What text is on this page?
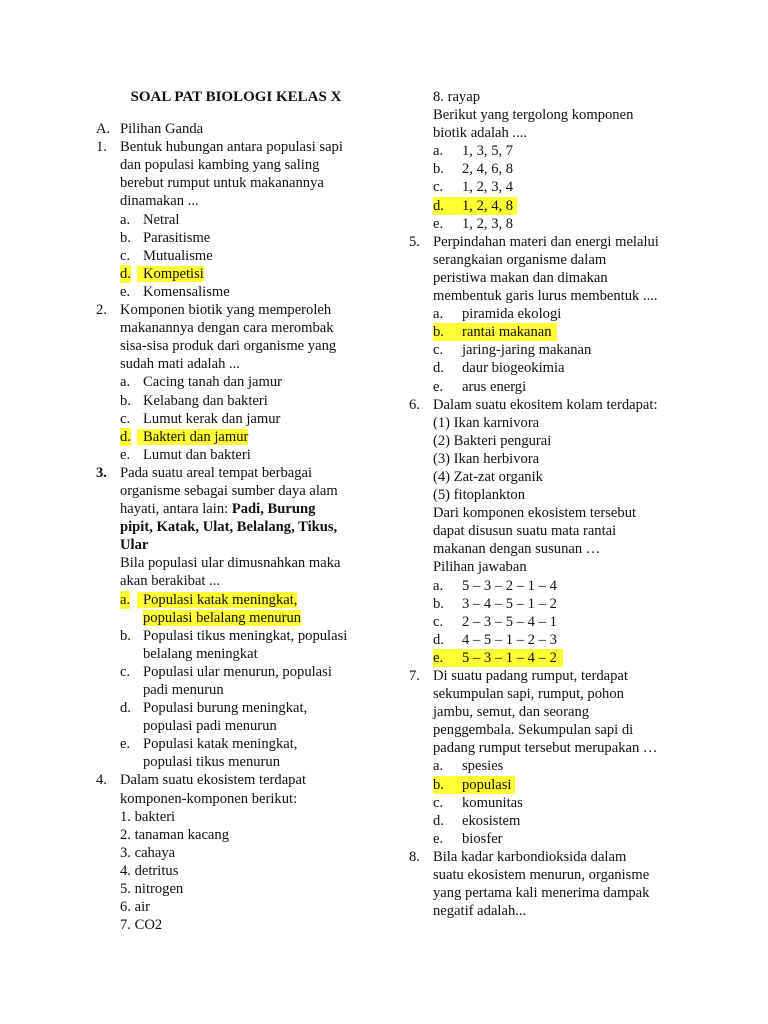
SOAL PAT BIOLOGI KELAS X
A. Pilihan Ganda
1. Bentuk hubungan antara populasi sapi
dan populasi kambing yang saling
berebut rumput untuk makanannya
dinamakan ...
a. Netral
b. Parasitisme
c. Mutualisme
d. Kompetisi
e. Komensalisme
2. Komponen biotik yang memperoleh
makanannya dengan cara merombak
sisa-sisa produk dari organisme yang
sudah mati adalah ...
a. Cacing tanah dan jamur
b. Kelabang dan bakteri
c. Lumut kerak dan jamur
d. Bakteri dan jamur
e. Lumut dan bakteri
3. Pada suatu areal tempat berbagai
organisme sebagai sumber daya alam
hayati, antara lain: Padi, Burung
pipit, Katak, Ulat, Belalang, Tikus,
Ular
Bila populasi ular dimusnahkan maka
akan berakibat ...
a. Populasi katak meningkat,
populasi belalang menurun
b. Populasi tikus meningkat, populasi
belalang meningkat
c. Populasi ular menurun, populasi
padi menurun
d. Populasi burung meningkat,
populasi padi menurun
e. Populasi katak meningkat,
populasi tikus menurun
4. Dalam suatu ekosistem terdapat
komponen-komponen berikut:
1. bakteri
2. tanaman kacang
3. cahaya
4. detritus
5. nitrogen
6. air
7. CO2
8. rayap
Berikut yang tergolong komponen
biotik adalah ....
a.	1, 3, 5, 7
b.	2, 4, 6, 8
c.	1, 2, 3, 4
d. 1, 2, 4, 8
e.	1, 2, 3, 8
5. Perpindahan materi dan energi melalui
serangkaian organisme dalam
peristiwa makan dan dimakan
membentuk garis lurus membentuk ....
a.	piramida ekologi
b. rantai makanan
c.	jaring-jaring makanan
d.	daur biogeokimia
e.	arus energi
6. Dalam suatu ekositem kolam terdapat:
(1) Ikan karnivora
(2) Bakteri pengurai
(3) Ikan herbivora
(4) Zat-zat organik
(5) fitoplankton
Dari komponen ekosistem tersebut
dapat disusun suatu mata rantai
makanan dengan susunan …
Pilihan jawaban
a.	5 – 3 – 2 – 1 – 4
b.	3 – 4 – 5 – 1 – 2
c.	2 – 3 – 5 – 4 – 1
d.	4 – 5 – 1 – 2 – 3
e. 5 – 3 – 1 – 4 – 2
7. Di suatu padang rumput, terdapat
sekumpulan sapi, rumput, pohon
jambu, semut, dan seorang
penggembala. Sekumpulan sapi di
padang rumput tersebut merupakan …
a.	spesies
b. populasi
c.	komunitas
d.	ekosistem
e.	biosfer
8. Bila kadar karbondioksida dalam
suatu ekosistem menurun, organisme
yang pertama kali menerima dampak
negatif adalah...
